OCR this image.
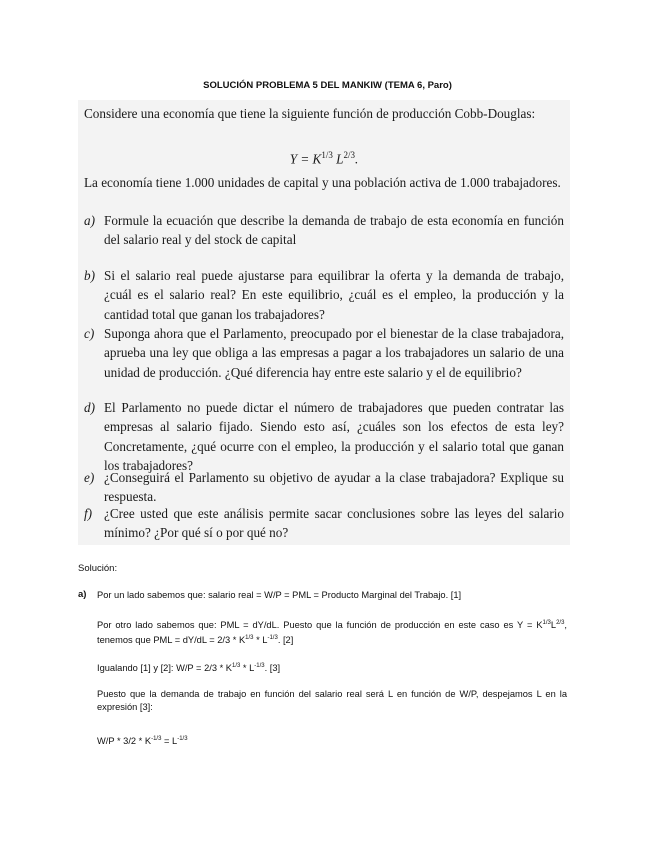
SOLUCIÓN PROBLEMA 5 DEL MANKIW (TEMA 6, Paro)

Considere una economía que tiene la siguiente función de producción Cobb-Douglas:

$Y = K^{1/3}$ $L^{2/3}$.

La economía tiene 1.000 unidades de capital y una población activa de 1.000 trabajadores.

a) Formule la ecuación que describe la demanda de trabajo de esta economía en función del salario real y del stock de capital

b) Si el salario real puede ajustarse para equilibrar la oferta y la demanda de trabajo, ¿cuál es el salario real? En este equilibrio, ¿cuál es el empleo, la producción y la cantidad total que ganan los trabajadores?

c) Suponga ahora que el Parlamento, preocupado por el bienestar de la clase trabajadora, aprueba una ley que obliga a las empresas a pagar a los trabajadores un salario de una unidad de producción. ¿Qué diferencia hay entre este salario y el de equilibrio?

d) El Parlamento no puede dictar el número de trabajadores que pueden contratar las empresas al salario fijado. Siendo esto así, ¿cuáles son los efectos de esta ley? Concretamente, ¿qué ocurre con el empleo, la producción y el salario total que ganan los trabajadores?

e) ¿Conseguirá el Parlamento su objetivo de ayudar a la clase trabajadora? Explique su respuesta.

f) ¿Cree usted que este análisis permite sacar conclusiones sobre las leyes del salario mínimo? ¿Por qué sí o por qué no?

Solución:
a) Por un lado sabemos que: salario real = W/P = PML = Producto Marginal del Trabajo. [1]
Por otro lado sabemos que: PML = dY/dL. Puesto que la función de producción en este caso es $Y = K^{1/3}L^{2/3}$, tenemos que PML = $dY/dL = 2/3 * K^{1/3} * L^{-1/3}$. [2]
Igualando [1] y [2]: $W/P = 2/3 * K^{1/3} * L^{-1/3}$. [3]
Puesto que la demanda de trabajo en función del salario real será L en función de W/P, despejamos L en la expresión [3]:
$W/P * 3/2 * K^{-1/3} = L^{-1/3}$
